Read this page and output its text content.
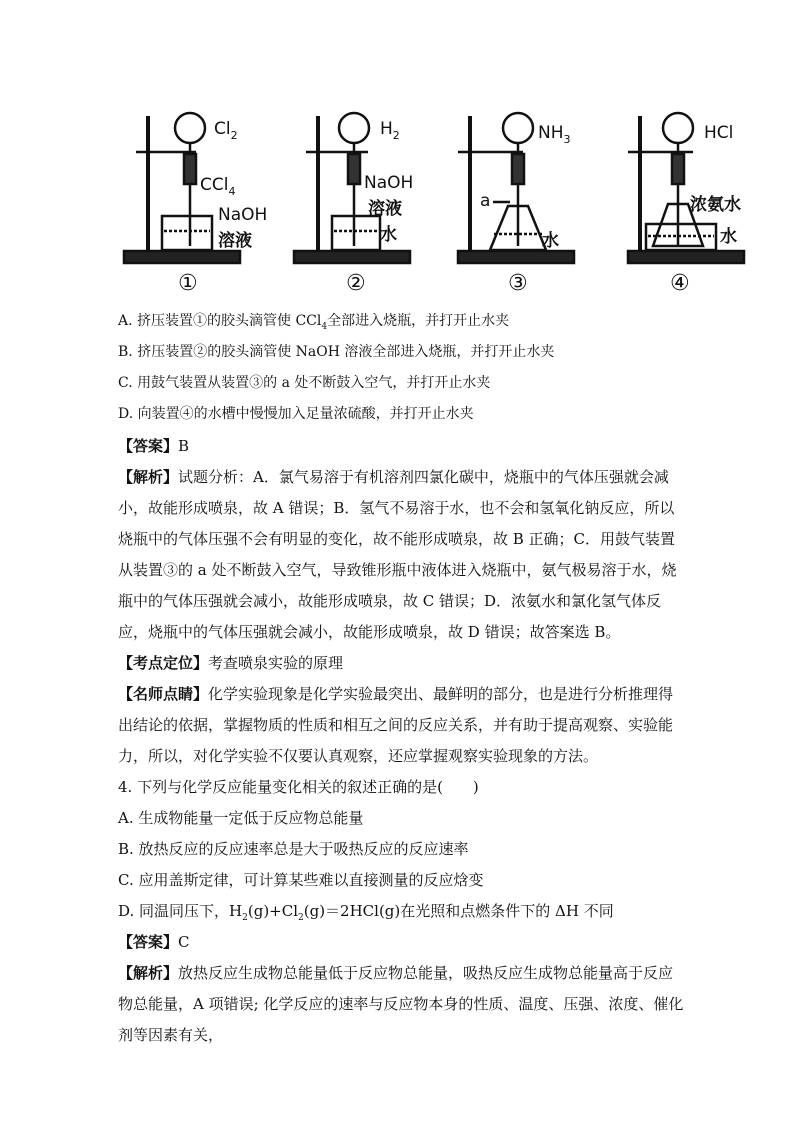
$Cl_2$
CCl$_4$
NaOH
溶液
①
$H_2$
NaOH
溶液
水
②
$NH_3$
a
水
③
HCl
浓氨水
水
④
A. 挤压装置①的胶头滴管使 CCl$_4$全部进入烧瓶，并打开止水夹
B. 挤压装置②的胶头滴管使 NaOH 溶液全部进入烧瓶，并打开止水夹
C. 用鼓气装置从装置③的 a 处不断鼓入空气，并打开止水夹
D. 向装置④的水槽中慢慢加入足量浓硫酸，并打开止水夹
【答案】B
【解析】试题分析：A．氯气易溶于有机溶剂四氯化碳中，烧瓶中的气体压强就会减小，故能形成喷泉，故 A 错误；B．氢气不易溶于水，也不会和氢氧化钠反应，所以烧瓶中的气体压强不会有明显的变化，故不能形成喷泉，故 B 正确；C．用鼓气装置从装置③的 a 处不断鼓入空气，导致锥形瓶中液体进入烧瓶中，氨气极易溶于水，烧瓶中的气体压强就会减小，故能形成喷泉，故 C 错误；D．浓氨水和氯化氢气体反应，烧瓶中的气体压强就会减小，故能形成喷泉，故 D 错误；故答案选 B。
【考点定位】考查喷泉实验的原理
【名师点睛】化学实验现象是化学实验最突出、最鲜明的部分，也是进行分析推理得出结论的依据，掌握物质的性质和相互之间的反应关系，并有助于提高观察、实验能力，所以，对化学实验不仅要认真观察，还应掌握观察实验现象的方法。
4. 下列与化学反应能量变化相关的叙述正确的是(　　)
A. 生成物能量一定低于反应物总能量
B. 放热反应的反应速率总是大于吸热反应的反应速率
C. 应用盖斯定律，可计算某些难以直接测量的反应焓变
D. 同温同压下，$H_2(g)+Cl_2(g)=2HCl(g)$在光照和点燃条件下的 ΔH 不同
【答案】C
【解析】放热反应生成物总能量低于反应物总能量，吸热反应生成物总能量高于反应物总能量，A 项错误; 化学反应的速率与反应物本身的性质、温度、压强、浓度、催化剂等因素有关，
